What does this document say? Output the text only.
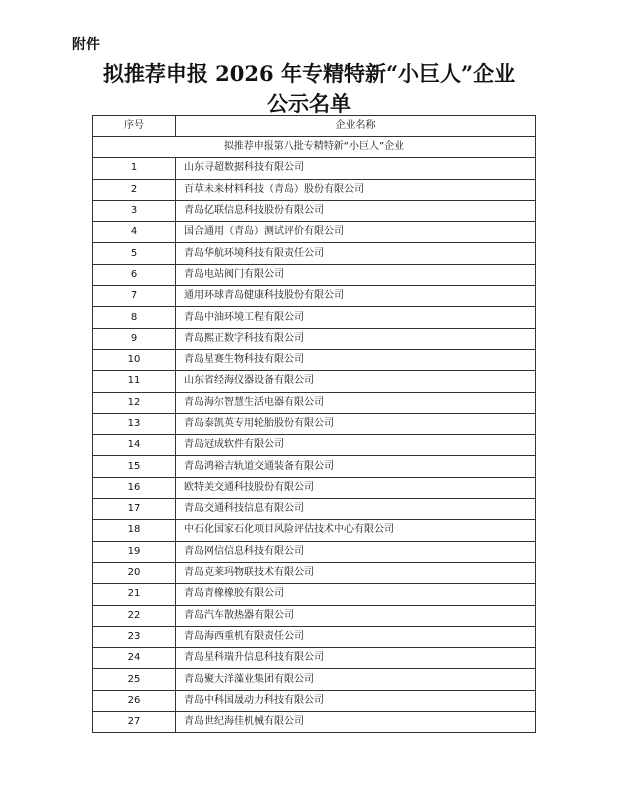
附件
拟推荐申报 2026 年专精特新“小巨人”企业
公示名单
序号	企业名称
拟推荐申报第八批专精特新“小巨人”企业	
1	山东寻超数据科技有限公司
2	百草未来材料科技（青岛）股份有限公司
3	青岛亿联信息科技股份有限公司
4	国合通用（青岛）测试评价有限公司
5	青岛华航环境科技有限责任公司
6	青岛电站阀门有限公司
7	通用环球青岛健康科技股份有限公司
8	青岛中油环境工程有限公司
9	青岛熙正数字科技有限公司
10	青岛星赛生物科技有限公司
11	山东省经海仪器设备有限公司
12	青岛海尔智慧生活电器有限公司
13	青岛泰凯英专用轮胎股份有限公司
14	青岛冠成软件有限公司
15	青岛鸿裕吉轨道交通装备有限公司
16	欧特美交通科技股份有限公司
17	青岛交通科技信息有限公司
18	中石化国家石化项目风险评估技术中心有限公司
19	青岛网信信息科技有限公司
20	青岛克莱玛物联技术有限公司
21	青岛青橡橡胶有限公司
22	青岛汽车散热器有限公司
23	青岛海西重机有限责任公司
24	青岛星科瑞升信息科技有限公司
25	青岛聚大洋藻业集团有限公司
26	青岛中科国晟动力科技有限公司
27	青岛世纪海佳机械有限公司
